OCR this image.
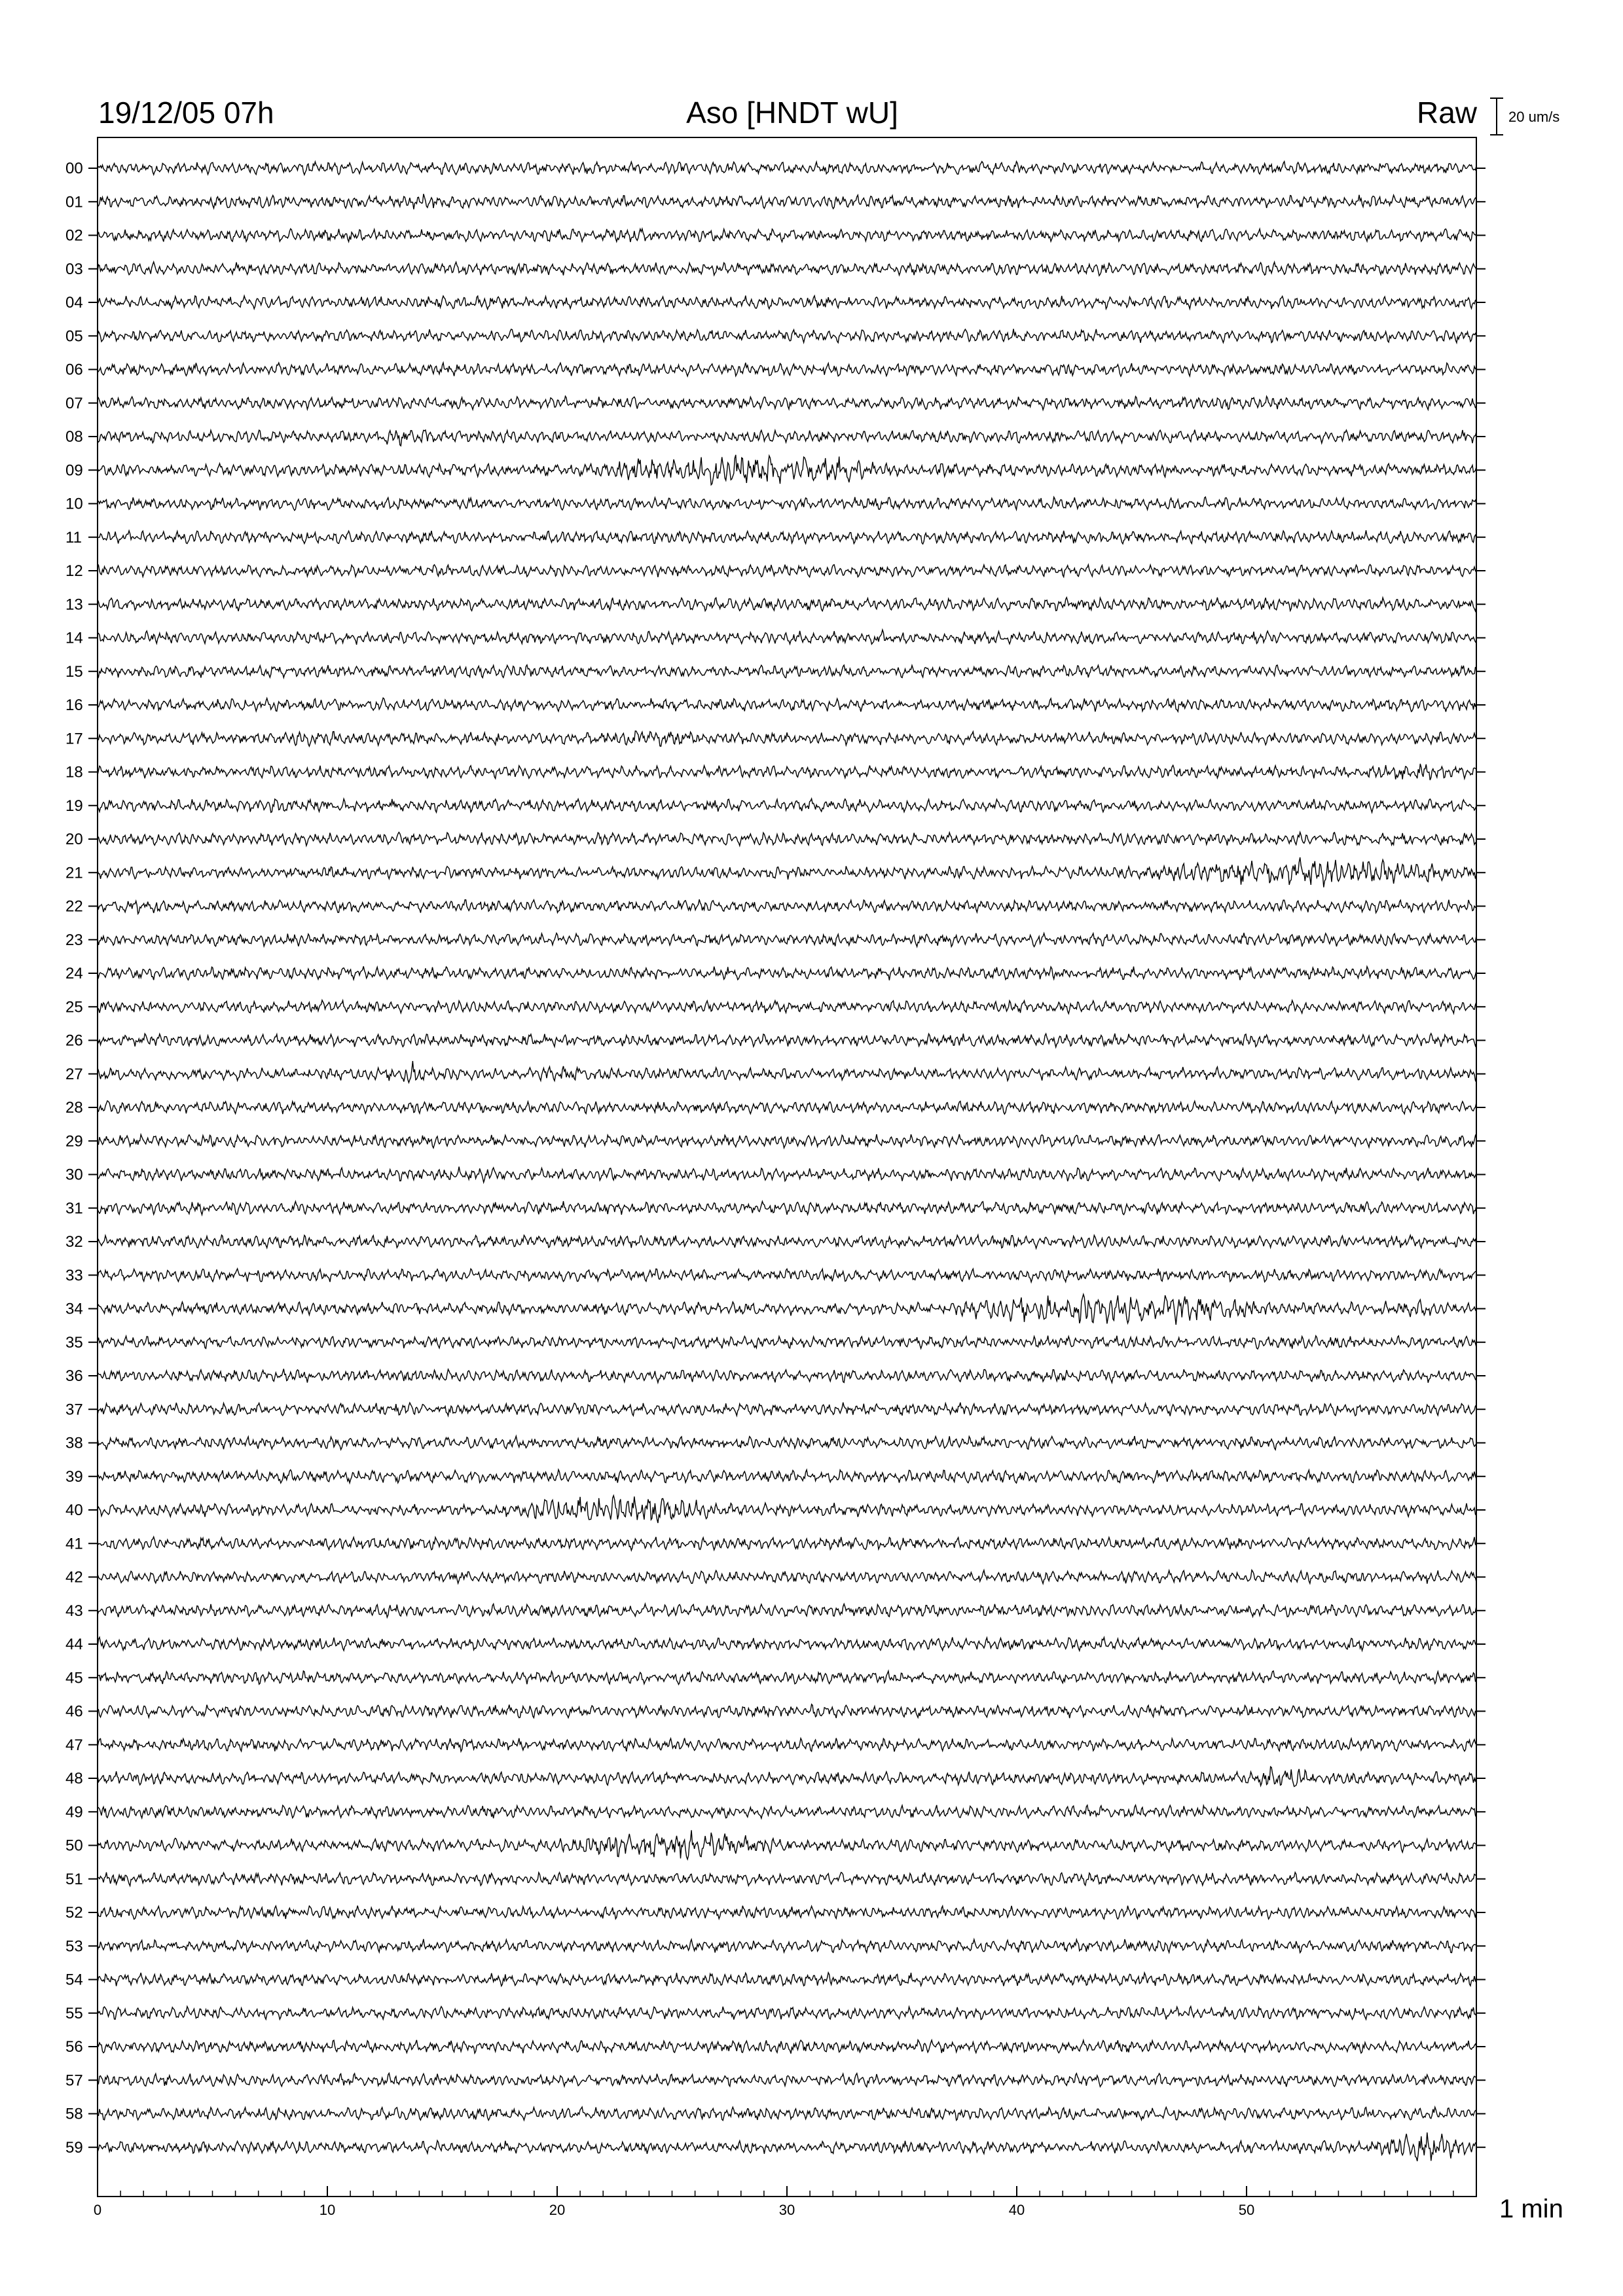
19/12/05 07h	Aso [HNDT wU]	Raw 20 um/s
00
01
02
03
04
05
06
07
08
09
10
11
12
13
14
15
16
17
18
19
20
21
22
23
24
25
26
27
28
29
30
31
32
33
34
35
36
37
38
39
40
41
42
43
44
45
46
47
48
49
50
51
52
53
54
55
56
57
58
59
0	10	20	30	40	50	1 min
